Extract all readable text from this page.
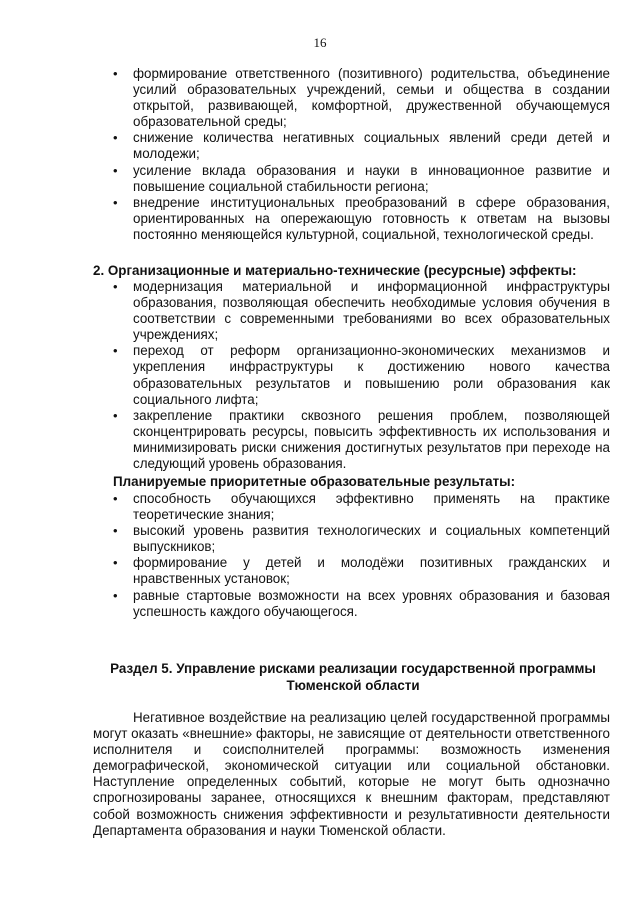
16
• формирование ответственного (позитивного) родительства, объединение усилий образовательных учреждений, семьи и общества в создании открытой, развивающей, комфортной, дружественной обучающемуся образовательной среды;
• снижение количества негативных социальных явлений среди детей и молодежи;
• усиление вклада образования и науки в инновационное развитие и повышение социальной стабильности региона;
• внедрение институциональных преобразований в сфере образования, ориентированных на опережающую готовность к ответам на вызовы постоянно меняющейся культурной, социальной, технологической среды.
2. Организационные и материально-технические (ресурсные) эффекты:
• модернизация материальной и информационной инфраструктуры образования, позволяющая обеспечить необходимые условия обучения в соответствии с современными требованиями во всех образовательных учреждениях;
• переход от реформ организационно-экономических механизмов и укрепления инфраструктуры к достижению нового качества образовательных результатов и повышению роли образования как социального лифта;
• закрепление практики сквозного решения проблем, позволяющей сконцентрировать ресурсы, повысить эффективность их использования и минимизировать риски снижения достигнутых результатов при переходе на следующий уровень образования.
Планируемые приоритетные образовательные результаты:
• способность обучающихся эффективно применять на практике теоретические знания;
• высокий уровень развития технологических и социальных компетенций выпускников;
• формирование у детей и молодёжи позитивных гражданских и нравственных установок;
• равные стартовые возможности на всех уровнях образования и базовая успешность каждого обучающегося.
Раздел 5. Управление рисками реализации государственной программы Тюменской области

Негативное воздействие на реализацию целей государственной программы могут оказать «внешние» факторы, не зависящие от деятельности ответственного исполнителя и соисполнителей программы: возможность изменения демографической, экономической ситуации или социальной обстановки. Наступление определенных событий, которые не могут быть однозначно спрогнозированы заранее, относящихся к внешним факторам, представляют собой возможность снижения эффективности и результативности деятельности Департамента образования и науки Тюменской области.
